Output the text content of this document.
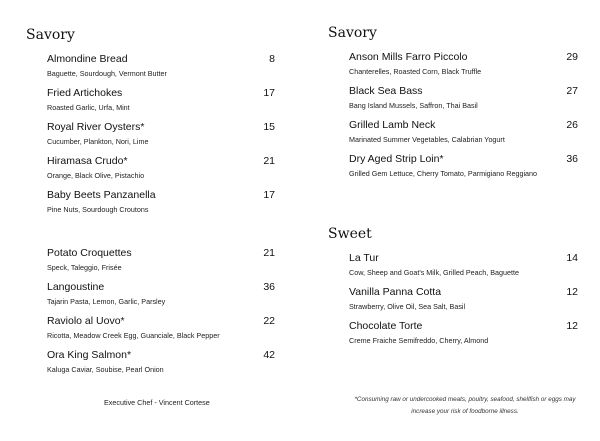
Savory
Almondine Bread
Baguette, Sourdough, Vermont Butter
8
Fried Artichokes
Roasted Garlic, Urfa, Mint
17
Royal River Oysters*
Cucumber, Plankton, Nori, Lime
15
Hiramasa Crudo*
Orange, Black Olive, Pistachio
21
Baby Beets Panzanella
Pine Nuts, Sourdough Croutons
17
Potato Croquettes
Speck, Taleggio, Frisée
21
Langoustine
Tajarin Pasta, Lemon, Garlic, Parsley
36
Raviolo al Uovo*
Ricotta, Meadow Creek Egg, Guanciale, Black Pepper
22
Ora King Salmon*
Kaluga Caviar, Soubise, Pearl Onion
42
Executive Chef - Vincent Cortese
Savory
Anson Mills Farro Piccolo
Chanterelles, Roasted Corn, Black Truffle
29
Black Sea Bass
Bang Island Mussels, Saffron, Thai Basil
27
Grilled Lamb Neck
Marinated Summer Vegetables, Calabrian Yogurt
26
Dry Aged Strip Loin*
Grilled Gem Lettuce, Cherry Tomato, Parmigiano Reggiano
36
Sweet
La Tur
Cow, Sheep and Goat's Milk, Grilled Peach, Baguette
14
Vanilla Panna Cotta
Strawberry, Olive Oil, Sea Salt, Basil
12
Chocolate Torte
Creme Fraiche Semifreddo, Cherry, Almond
12
*Consuming raw or undercooked meats, poultry, seafood, shellfish or eggs may
increase your risk of foodborne illness.
